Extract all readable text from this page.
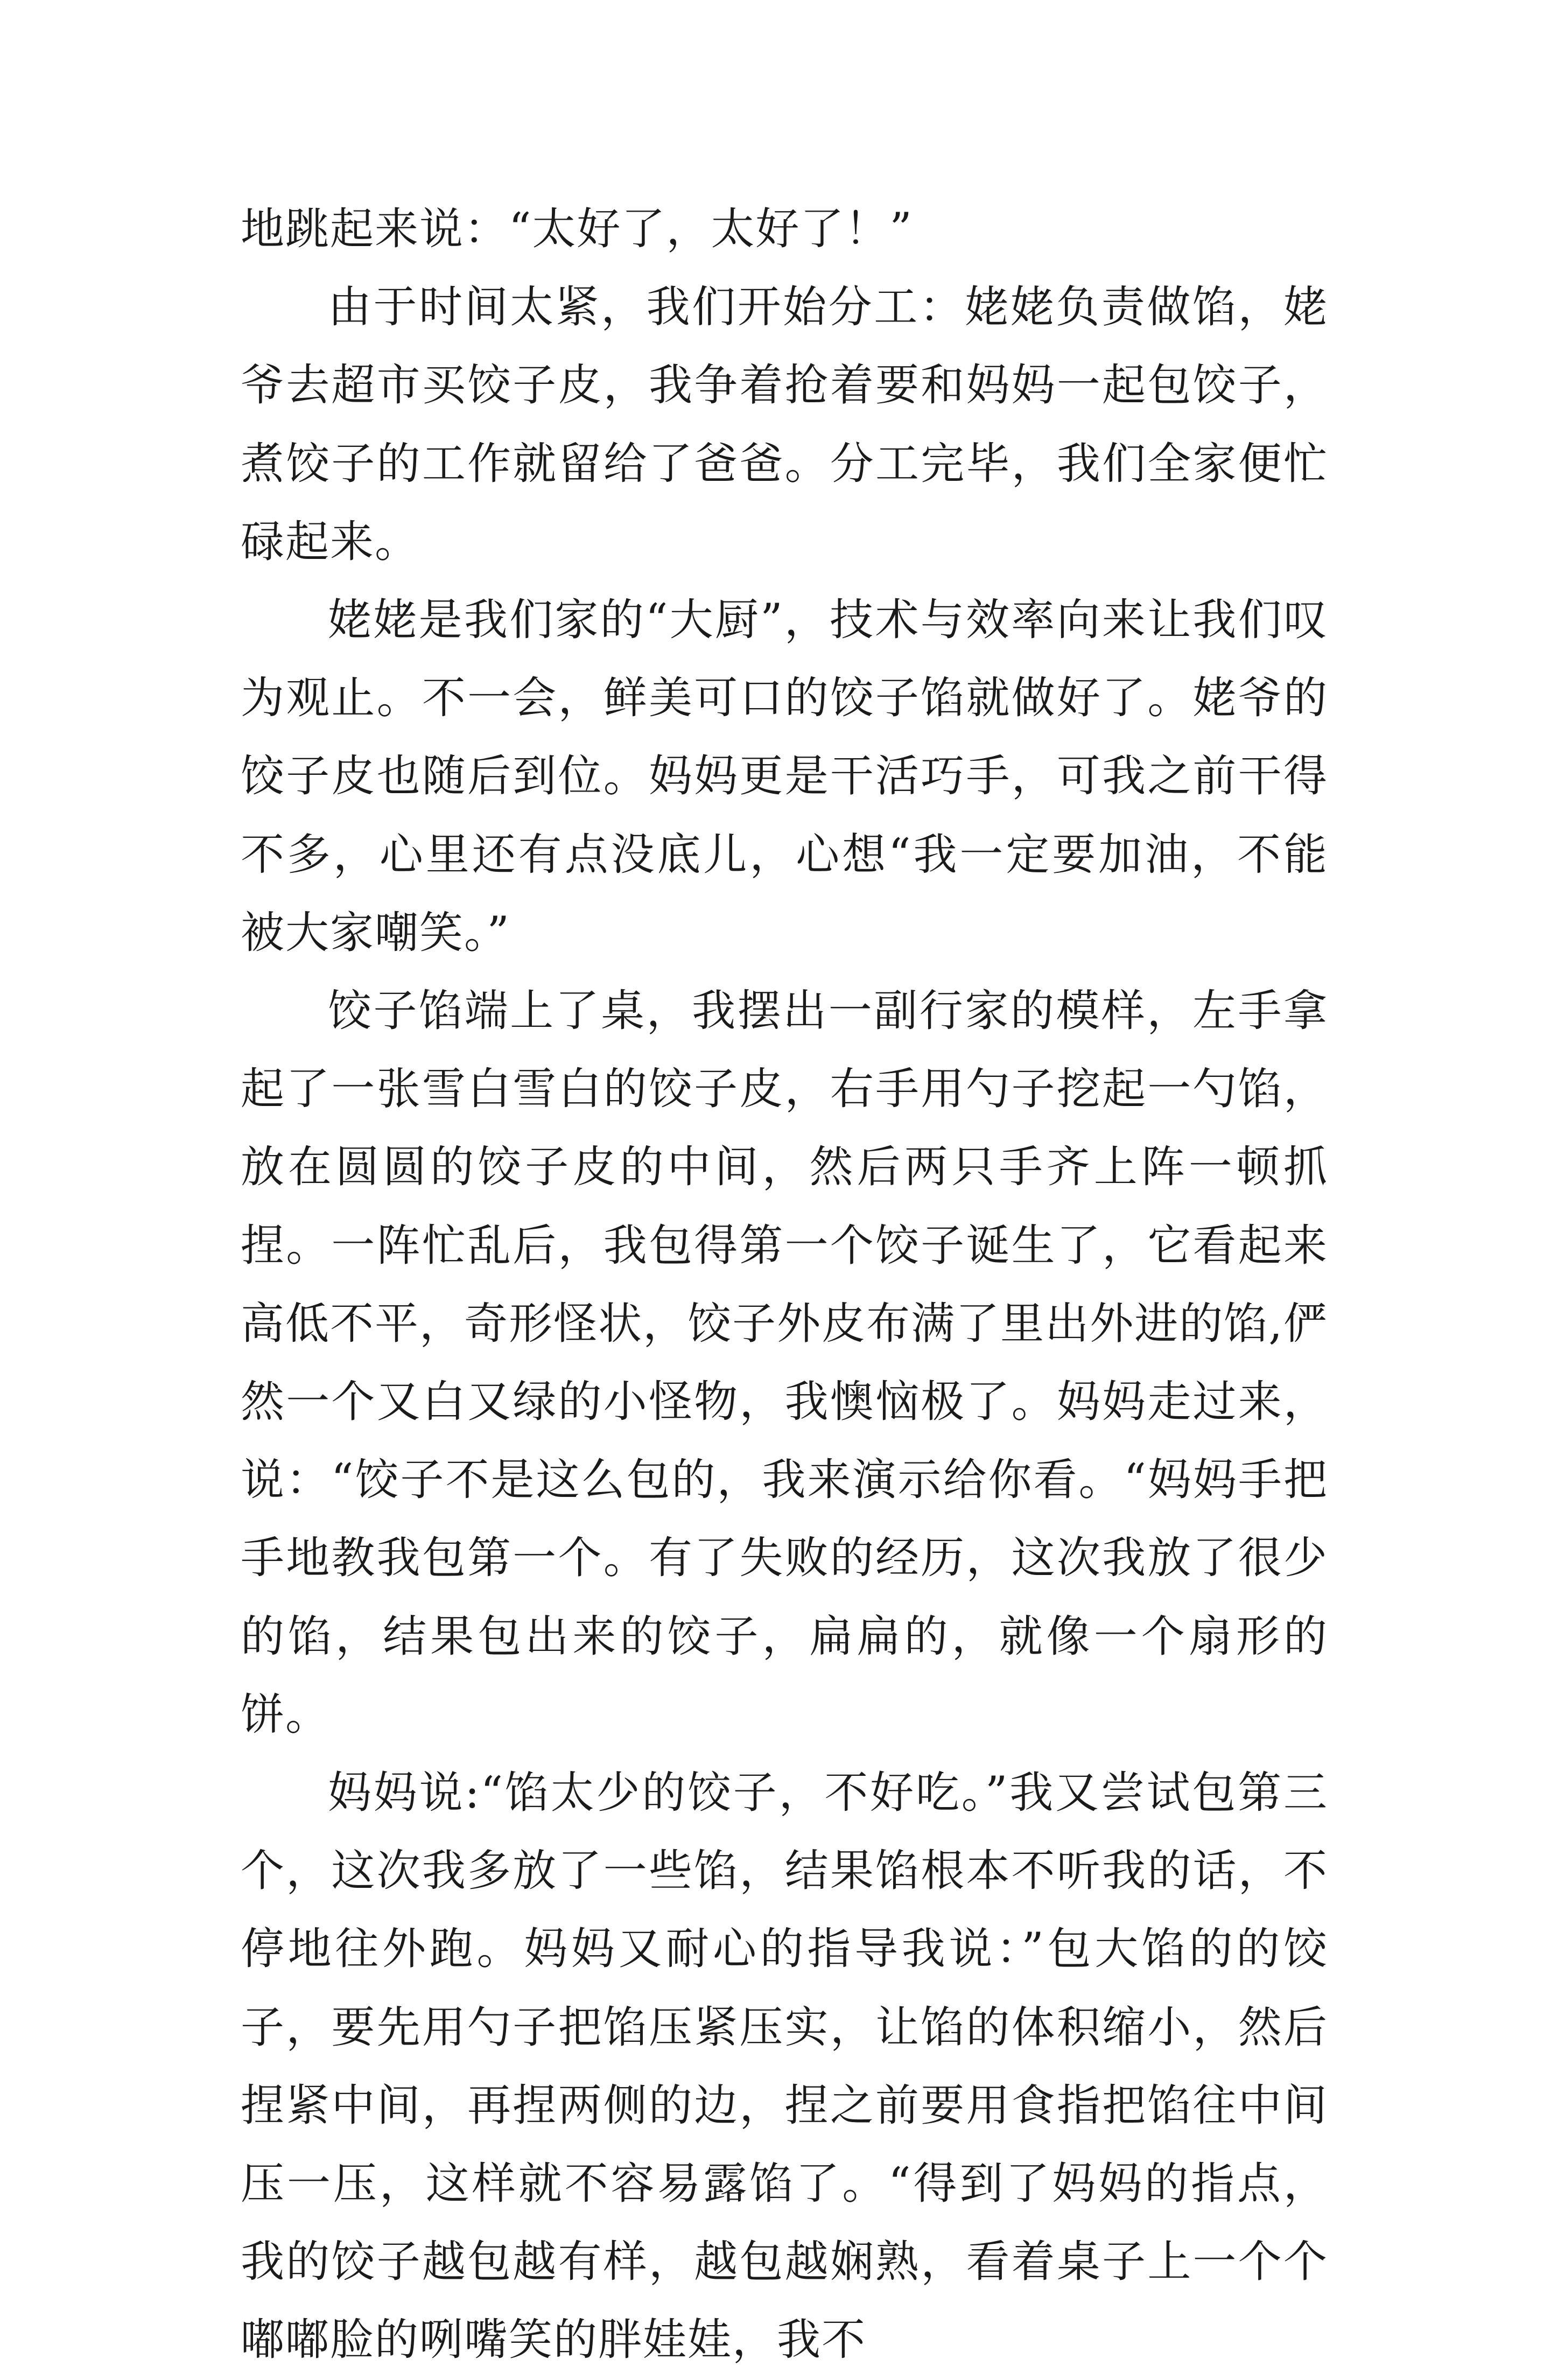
地跳起来说：“太好了，太好了！”

由于时间太紧，我们开始分工：姥姥负责做馅，姥爷去超市买饺子皮，我争着抢着要和妈妈一起包饺子，煮饺子的工作就留给了爸爸。分工完毕，我们全家便忙碌起来。

姥姥是我们家的“大厨”，技术与效率向来让我们叹为观止。不一会，鲜美可口的饺子馅就做好了。姥爷的饺子皮也随后到位。妈妈更是干活巧手，可我之前干得不多，心里还有点没底儿，心想“我一定要加油，不能被大家嘲笑。”

饺子馅端上了桌，我摆出一副行家的模样，左手拿起了一张雪白雪白的饺子皮，右手用勺子挖起一勺馅，放在圆圆的饺子皮的中间，然后两只手齐上阵一顿抓捏。一阵忙乱后，我包得第一个饺子诞生了，它看起来高低不平，奇形怪状，饺子外皮布满了里出外进的馅,俨然一个又白又绿的小怪物，我懊恼极了。妈妈走过来，说：“饺子不是这么包的，我来演示给你看。“妈妈手把手地教我包第一个。有了失败的经历，这次我放了很少的馅，结果包出来的饺子，扁扁的，就像一个扇形的饼。

妈妈说:“馅太少的饺子，不好吃。”我又尝试包第三个，这次我多放了一些馅，结果馅根本不听我的话，不停地往外跑。妈妈又耐心的指导我说：”包大馅的的饺子，要先用勺子把馅压紧压实，让馅的体积缩小，然后捏紧中间，再捏两侧的边，捏之前要用食指把馅往中间压一压，这样就不容易露馅了。“得到了妈妈的指点，我的饺子越包越有样，越包越娴熟，看着桌子上一个个嘟嘟脸的咧嘴笑的胖娃娃，我不
